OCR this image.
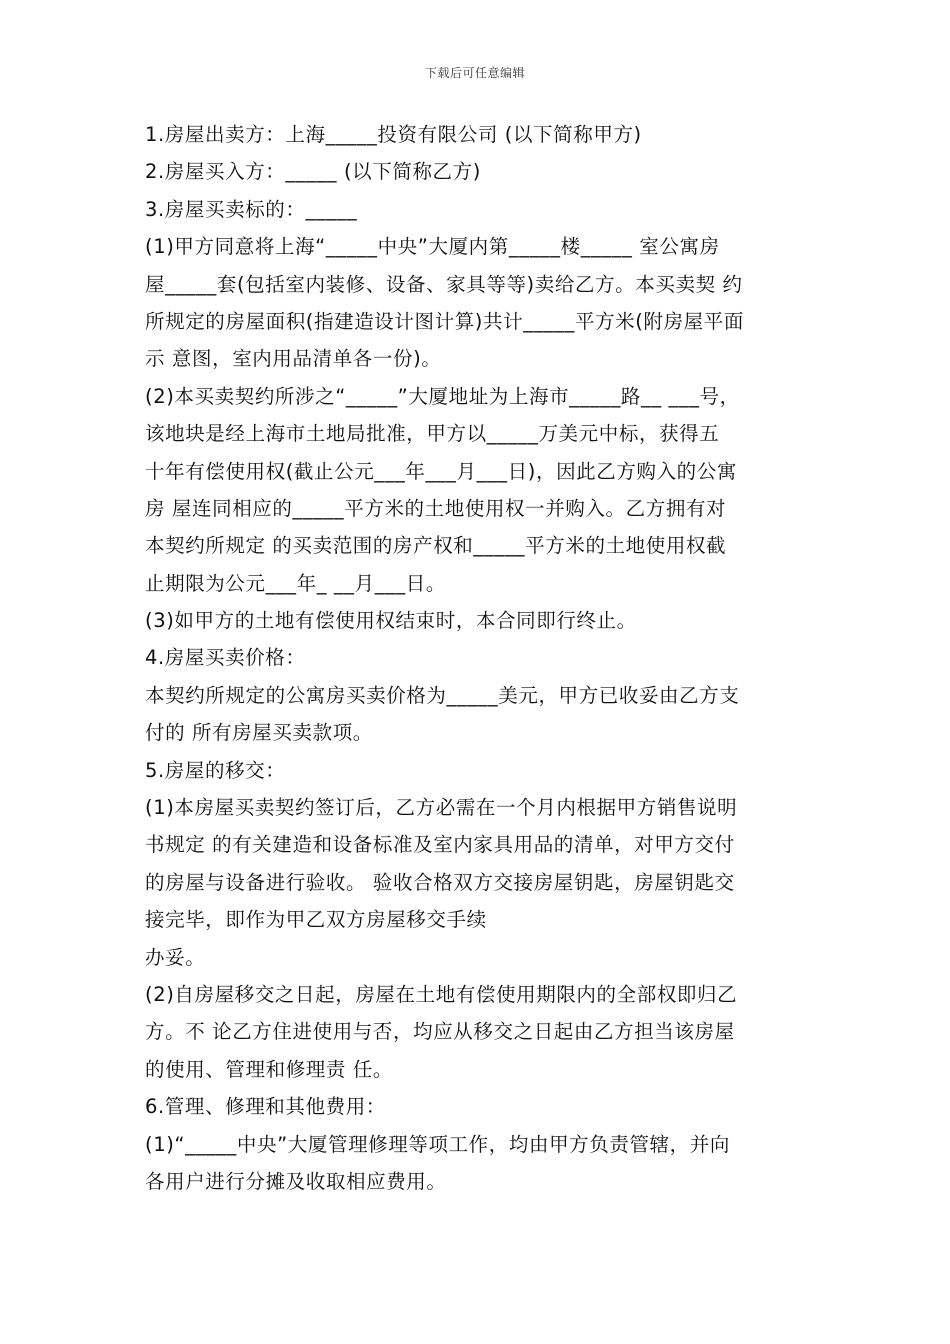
下载后可任意编辑
1.房屋出卖方：上海_____投资有限公司 (以下简称甲方)
2.房屋买入方：_____ (以下简称乙方)
3.房屋买卖标的：_____
(1)甲方同意将上海“_____中央”大厦内第_____楼_____ 室公寓房
屋_____套(包括室内装修、设备、家具等等)卖给乙方。本买卖契 约
所规定的房屋面积(指建造设计图计算)共计_____平方米(附房屋平面
示 意图，室内用品清单各一份)。
(2)本买卖契约所涉之“_____”大厦地址为上海市_____路__ ___号，
该地块是经上海市土地局批准，甲方以_____万美元中标，获得五
十年有偿使用权(截止公元___年___月___日)，因此乙方购入的公寓
房 屋连同相应的_____平方米的土地使用权一并购入。乙方拥有对
本契约所规定 的买卖范围的房产权和_____平方米的土地使用权截
止期限为公元___年_ __月___日。
(3)如甲方的土地有偿使用权结束时，本合同即行终止。
4.房屋买卖价格：
本契约所规定的公寓房买卖价格为_____美元，甲方已收妥由乙方支
付的 所有房屋买卖款项。
5.房屋的移交：
(1)本房屋买卖契约签订后，乙方必需在一个月内根据甲方销售说明
书规定 的有关建造和设备标准及室内家具用品的清单，对甲方交付
的房屋与设备进行验收。 验收合格双方交接房屋钥匙，房屋钥匙交
接完毕，即作为甲乙双方房屋移交手续
办妥。
(2)自房屋移交之日起，房屋在土地有偿使用期限内的全部权即归乙
方。不 论乙方住进使用与否，均应从移交之日起由乙方担当该房屋
的使用、管理和修理责 任。
6.管理、修理和其他费用：
(1)“_____中央”大厦管理修理等项工作，均由甲方负责管辖，并向
各用户进行分摊及收取相应费用。
